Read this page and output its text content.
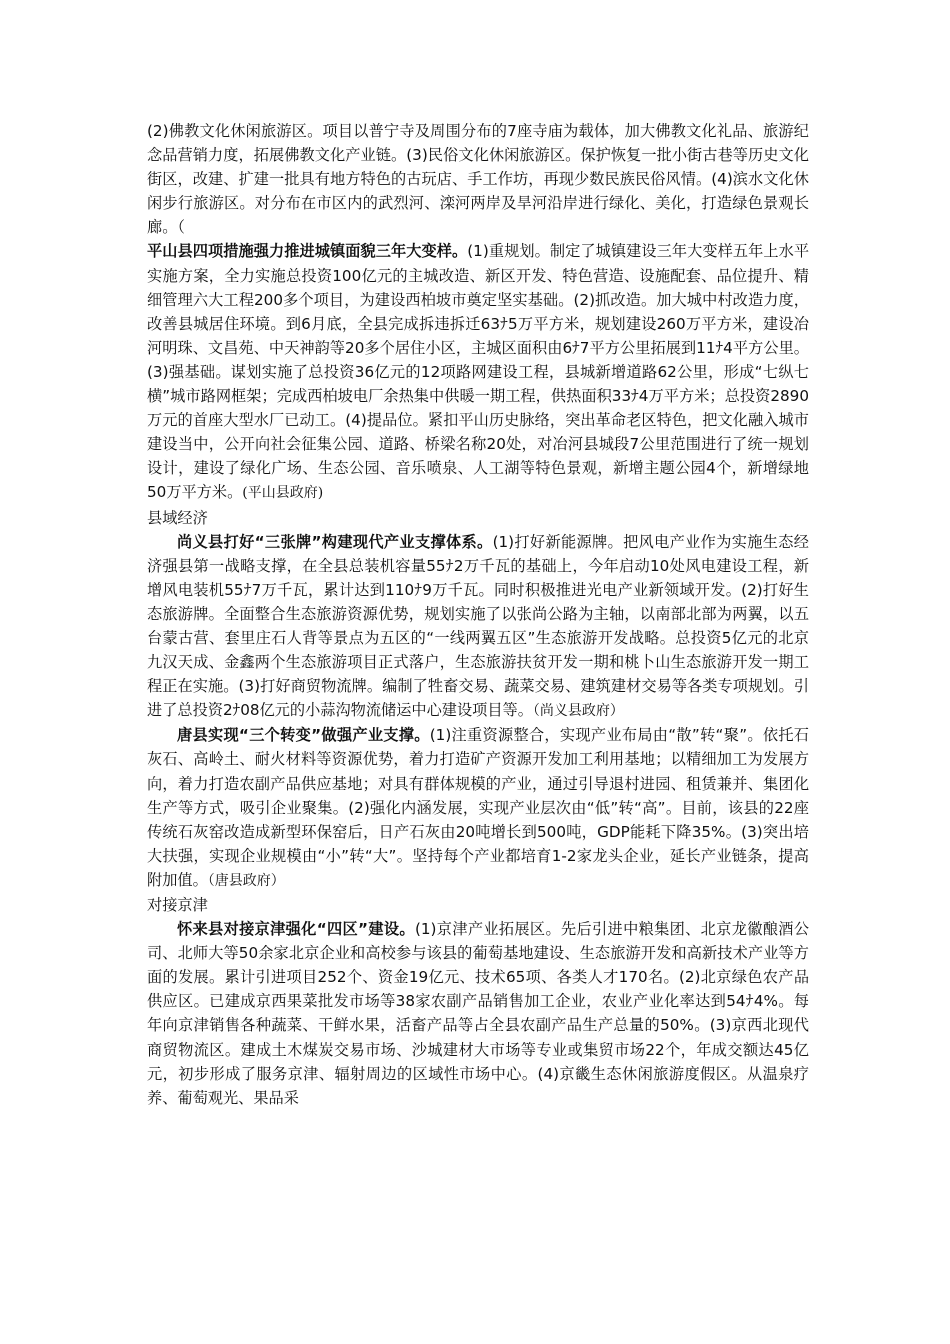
(2)佛教文化休闲旅游区。项目以普宁寺及周围分布的7座寺庙为载体，加大佛教文化礼品、旅游纪念品营销力度，拓展佛教文化产业链。(3)民俗文化休闲旅游区。保护恢复一批小街古巷等历史文化街区，改建、扩建一批具有地方特色的古玩店、手工作坊，再现少数民族民俗风情。(4)滨水文化休闲步行旅游区。对分布在市区内的武烈河、滦河两岸及旱河沿岸进行绿化、美化，打造绿色景观长廊。（

平山县四项措施强力推进城镇面貌三年大变样。(1)重规划。制定了城镇建设三年大变样五年上水平实施方案，全力实施总投资100亿元的主城改造、新区开发、特色营造、设施配套、品位提升、精细管理六大工程200多个项目，为建设西柏坡市奠定坚实基础。(2)抓改造。加大城中村改造力度，改善县城居住环境。到6月底，全县完成拆违拆迁63ﾅ5万平方米，规划建设260万平方米，建设冶河明珠、文昌苑、中天神韵等20多个居住小区，主城区面积由6ﾅ7平方公里拓展到11ﾅ4平方公里。(3)强基础。谋划实施了总投资36亿元的12项路网建设工程，县城新增道路62公里，形成“七纵七横”城市路网框架；完成西柏坡电厂余热集中供暖一期工程，供热面积33ﾅ4万平方米；总投资2890万元的首座大型水厂已动工。(4)提品位。紧扣平山历史脉络，突出革命老区特色，把文化融入城市建设当中，公开向社会征集公园、道路、桥梁名称20处，对冶河县城段7公里范围进行了统一规划设计，建设了绿化广场、生态公园、音乐喷泉、人工湖等特色景观，新增主题公园4个，新增绿地50万平方米。(平山县政府)

县域经济

尚义县打好“三张牌”构建现代产业支撑体系。(1)打好新能源牌。把风电产业作为实施生态经济强县第一战略支撑，在全县总装机容量55ﾅ2万千瓦的基础上，今年启动10处风电建设工程，新增风电装机55ﾅ7万千瓦，累计达到110ﾅ9万千瓦。同时积极推进光电产业新领域开发。(2)打好生态旅游牌。全面整合生态旅游资源优势，规划实施了以张尚公路为主轴，以南部北部为两翼，以五台蒙古营、套里庄石人背等景点为五区的“一线两翼五区”生态旅游开发战略。总投资5亿元的北京九汉天成、金鑫两个生态旅游项目正式落户，生态旅游扶贫开发一期和桃卜山生态旅游开发一期工程正在实施。(3)打好商贸物流牌。编制了牲畜交易、蔬菜交易、建筑建材交易等各类专项规划。引进了总投资2ﾅ08亿元的小蒜沟物流储运中心建设项目等。（尚义县政府）

唐县实现“三个转变”做强产业支撑。(1)注重资源整合，实现产业布局由“散”转“聚”。依托石灰石、高岭土、耐火材料等资源优势，着力打造矿产资源开发加工利用基地；以精细加工为发展方向，着力打造农副产品供应基地；对具有群体规模的产业，通过引导退村进园、租赁兼并、集团化生产等方式，吸引企业聚集。(2)强化内涵发展，实现产业层次由“低”转“高”。目前，该县的22座传统石灰窑改造成新型环保窑后，日产石灰由20吨增长到500吨，GDP能耗下降35%。(3)突出培大扶强，实现企业规模由“小”转“大”。坚持每个产业都培育1-2家龙头企业，延长产业链条，提高附加值。（唐县政府）

对接京津

怀来县对接京津强化“四区”建设。(1)京津产业拓展区。先后引进中粮集团、北京龙徽酿酒公司、北师大等50余家北京企业和高校参与该县的葡萄基地建设、生态旅游开发和高新技术产业等方面的发展。累计引进项目252个、资金19亿元、技术65项、各类人才170名。(2)北京绿色农产品供应区。已建成京西果菜批发市场等38家农副产品销售加工企业，农业产业化率达到54ﾅ4%。每年向京津销售各种蔬菜、干鲜水果，活畜产品等占全县农副产品生产总量的50%。(3)京西北现代商贸物流区。建成土木煤炭交易市场、沙城建材大市场等专业或集贸市场22个，年成交额达45亿元，初步形成了服务京津、辐射周边的区域性市场中心。(4)京畿生态休闲旅游度假区。从温泉疗养、葡萄观光、果品采
